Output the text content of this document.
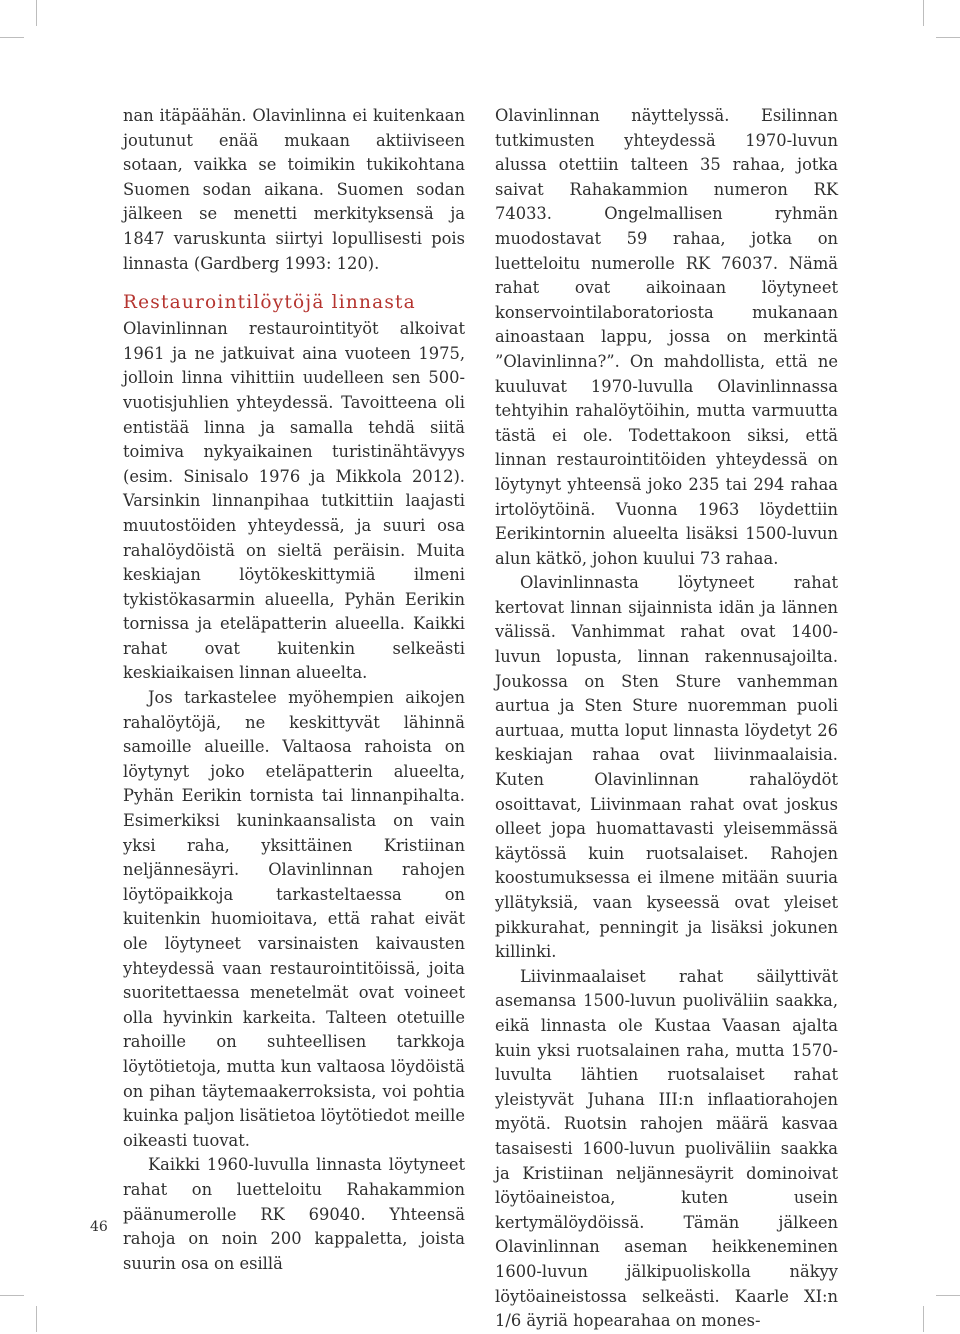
nan itäpäähän. Olavinlinna ei kuitenkaan joutunut enää mukaan aktiiviseen sotaan, vaikka se toimikin tukikohtana Suomen sodan aikana. Suomen sodan jälkeen se menetti merkityksensä ja 1847 varuskunta siirtyi lopullisesti pois linnasta (Gardberg 1993: 120).

Restaurointilöytöjä linnasta

Olavinlinnan restaurointityöt alkoivat 1961 ja ne jatkuivat aina vuoteen 1975, jolloin linna vihittiin uudelleen sen 500-vuotisjuhlien yhteydessä. Tavoitteena oli entistää linna ja samalla tehdä siitä toimiva nykyaikainen turistinähtävyys (esim. Sinisalo 1976 ja Mikkola 2012). Varsinkin linnanpihaa tutkittiin laajasti muutostöiden yhteydessä, ja suuri osa rahalöydöistä on sieltä peräisin. Muita keskiajan löytökeskittymiä ilmeni tykistökasarmin alueella, Pyhän Eerikin tornissa ja eteläpatterin alueella. Kaikki rahat ovat kuitenkin selkeästi keskiaikaisen linnan alueelta.

Jos tarkastelee myöhempien aikojen rahalöytöjä, ne keskittyvät lähinnä samoille alueille. Valtaosa rahoista on löytynyt joko eteläpatterin alueelta, Pyhän Eerikin tornista tai linnanpihalta. Esimerkiksi kuninkaansalista on vain yksi raha, yksittäinen Kristiinan neljännesäyri. Olavinlinnan rahojen löytöpaikkoja tarkasteltaessa on kuitenkin huomioitava, että rahat eivät ole löytyneet varsinaisten kaivausten yhteydessä vaan restaurointitöissä, joita suoritettaessa menetelmät ovat voineet olla hyvinkin karkeita. Talteen otetuille rahoille on suhteellisen tarkkoja löytötietoja, mutta kun valtaosa löydöistä on pihan täytemaakerroksista, voi pohtia kuinka paljon lisätietoa löytötiedot meille oikeasti tuovat.

Kaikki 1960-luvulla linnasta löytyneet rahat on luetteloitu Rahakammion päänumerolle RK 69040. Yhteensä rahoja on noin 200 kappaletta, joista suurin osa on esillä

Olavinlinnan näyttelyssä. Esilinnan tutkimusten yhteydessä 1970-luvun alussa otettiin talteen 35 rahaa, jotka saivat Rahakammion numeron RK 74033. Ongelmallisen ryhmän muodostavat 59 rahaa, jotka on luetteloitu numerolle RK 76037. Nämä rahat ovat aikoinaan löytyneet konservointilaboratoriosta mukanaan ainoastaan lappu, jossa on merkintä ”Olavinlinna?”. On mahdollista, että ne kuuluvat 1970-luvulla Olavinlinnassa tehtyihin rahalöytöihin, mutta varmuutta tästä ei ole. Todettakoon siksi, että linnan restaurointitöiden yhteydessä on löytynyt yhteensä joko 235 tai 294 rahaa irtolöytöinä. Vuonna 1963 löydettiin Eerikintornin alueelta lisäksi 1500-luvun alun kätkö, johon kuului 73 rahaa.

Olavinlinnasta löytyneet rahat kertovat linnan sijainnista idän ja lännen välissä. Vanhimmat rahat ovat 1400-luvun lopusta, linnan rakennusajoilta. Joukossa on Sten Sture vanhemman aurtua ja Sten Sture nuoremman puoli aurtuaa, mutta loput linnasta löydetyt 26 keskiajan rahaa ovat liivinmaalaisia. Kuten Olavinlinnan rahalöydöt osoittavat, Liivinmaan rahat ovat joskus olleet jopa huomattavasti yleisemmässä käytössä kuin ruotsalaiset. Rahojen koostumuksessa ei ilmene mitään suuria yllätyksiä, vaan kyseessä ovat yleiset pikkurahat, penningit ja lisäksi jokunen killinki.

Liivinmaalaiset rahat säilyttivät asemansa 1500-luvun puoliväliin saakka, eikä linnasta ole Kustaa Vaasan ajalta kuin yksi ruotsalainen raha, mutta 1570-luvulta lähtien ruotsalaiset rahat yleistyvät Juhana III:n inflaatiorahojen myötä. Ruotsin rahojen määrä kasvaa tasaisesti 1600-luvun puoliväliin saakka ja Kristiinan neljännesäyrit dominoivat löytöaineistoa, kuten usein kertymälöydöissä. Tämän jälkeen Olavinlinnan aseman heikkeneminen 1600-luvun jälkipuoliskolla näkyy löytöaineistossa selkeästi. Kaarle XI:n 1/6 äyriä hopearahaa on mones-

46
